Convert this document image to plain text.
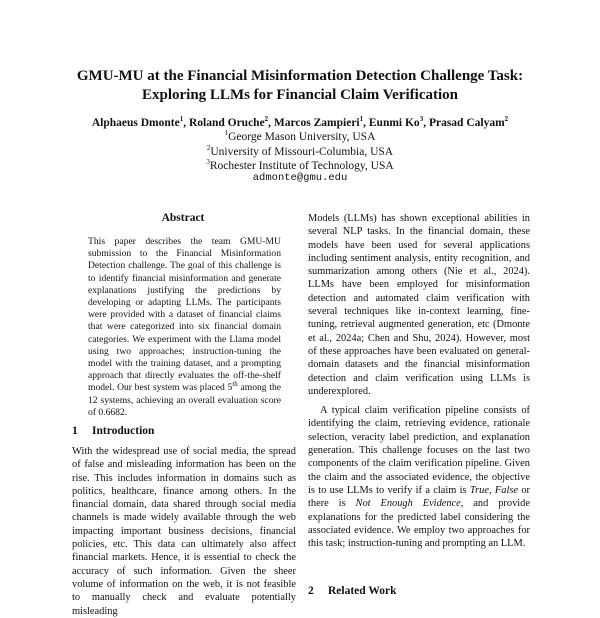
GMU-MU at the Financial Misinformation Detection Challenge Task:
Exploring LLMs for Financial Claim Verification
Alphaeus Dmonte$^1$, Roland Oruche$^2$, Marcos Zampieri$^1$, Eunmi Ko$^3$, Prasad Calyam$^2$
$^1$George Mason University, USA
$^2$University of Missouri-Columbia, USA
$^3$Rochester Institute of Technology, USA
admonte@gmu.edu
Abstract
This paper describes the team GMU-MU submission to the Financial Misinformation Detection challenge. The goal of this challenge is to identify financial misinformation and generate explanations justifying the predictions by developing or adapting LLMs. The participants were provided with a dataset of financial claims that were categorized into six financial domain categories. We experiment with the Llama model using two approaches; instruction-tuning the model with the training dataset, and a prompting approach that directly evaluates the off-the-shelf model. Our best system was placed 5th among the 12 systems, achieving an overall evaluation score of 0.6682.
1 Introduction

With the widespread use of social media, the spread of false and misleading information has been on the rise. This includes information in domains such as politics, healthcare, finance among others. In the financial domain, data shared through social media channels is made widely available through the web impacting important business decisions, financial policies, etc. This data can ultimately also affect financial markets. Hence, it is essential to check the accuracy of such information. Given the sheer volume of information on the web, it is not feasible to manually check and evaluate potentially misleading

Models (LLMs) has shown exceptional abilities in several NLP tasks. In the financial domain, these models have been used for several applications including sentiment analysis, entity recognition, and summarization among others (Nie et al., 2024). LLMs have been employed for misinformation detection and automated claim verification with several techniques like in-context learning, fine-tuning, retrieval augmented generation, etc (Dmonte et al., 2024a; Chen and Shu, 2024). However, most of these approaches have been evaluated on general-domain datasets and the financial misinformation detection and claim verification using LLMs is underexplored.

A typical claim verification pipeline consists of identifying the claim, retrieving evidence, rationale selection, veracity label prediction, and explanation generation. This challenge focuses on the last two components of the claim verification pipeline. Given the claim and the associated evidence, the objective is to use LLMs to verify if a claim is True, False or there is Not Enough Evidence, and provide explanations for the predicted label considering the associated evidence. We employ two approaches for this task; instruction-tuning and prompting an LLM.

2 Related Work
